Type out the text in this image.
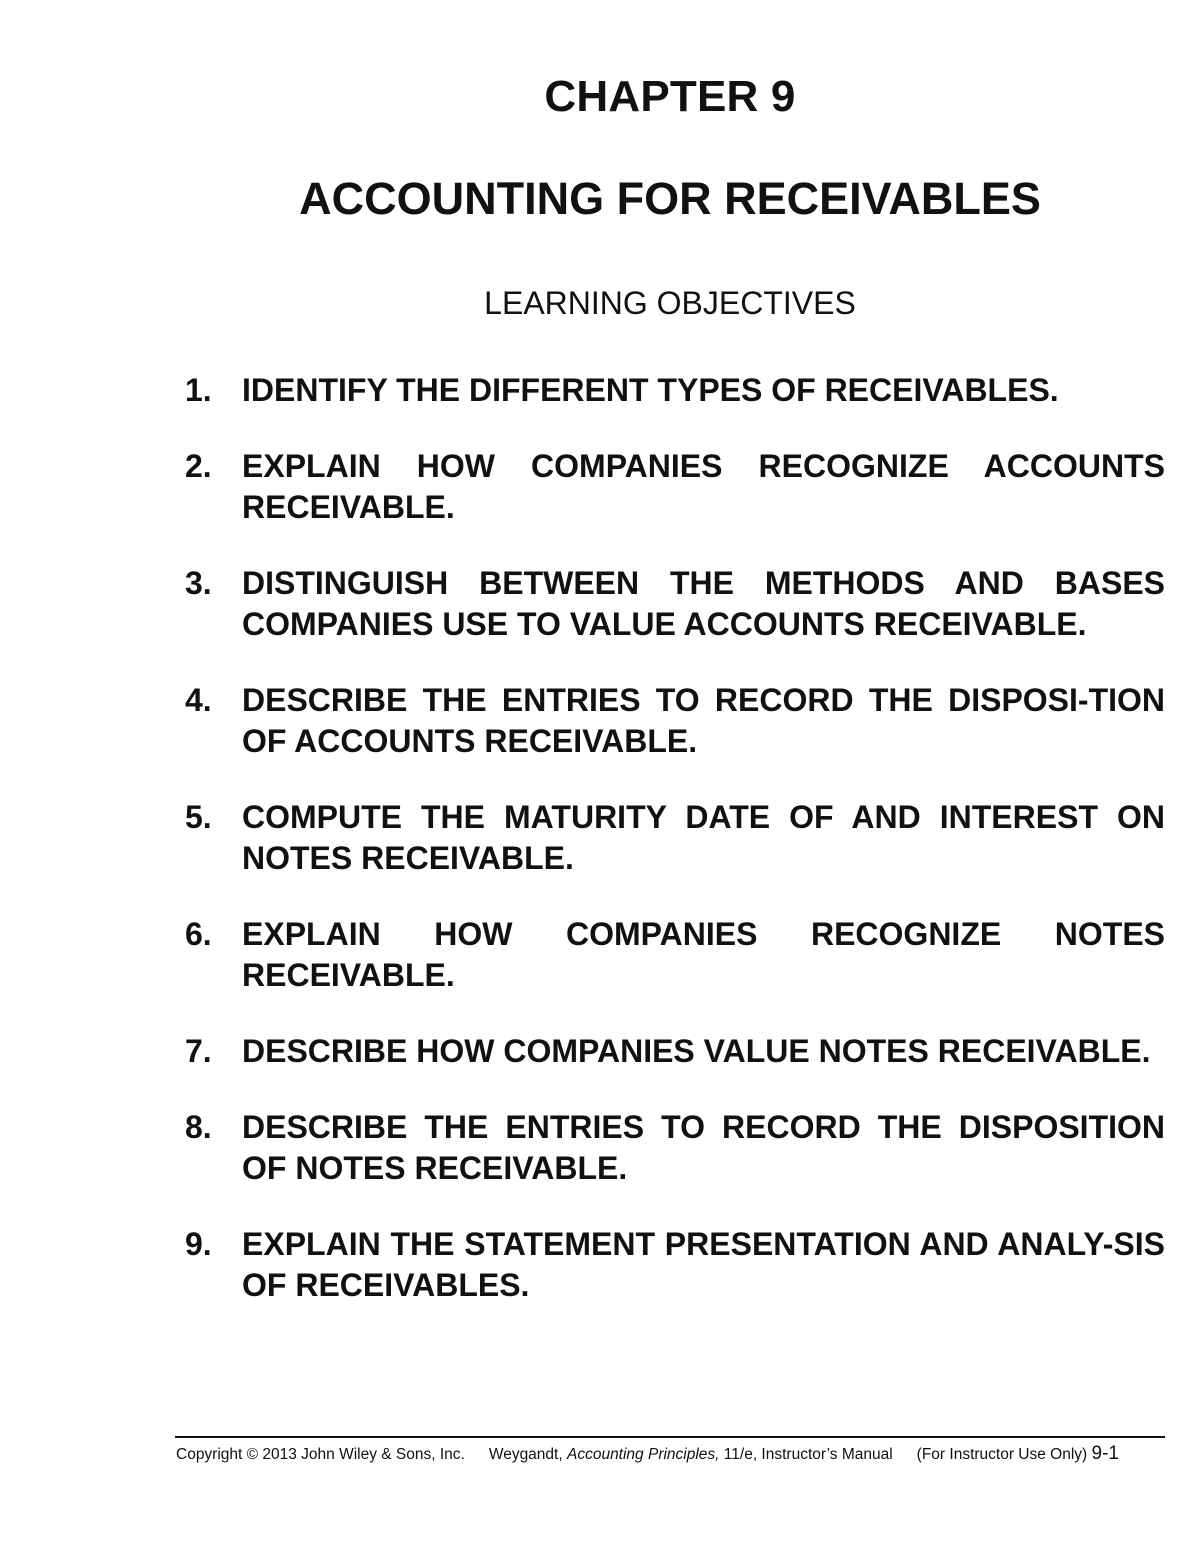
CHAPTER 9
ACCOUNTING FOR RECEIVABLES
LEARNING OBJECTIVES
1. IDENTIFY THE DIFFERENT TYPES OF RECEIVABLES.
2. EXPLAIN HOW COMPANIES RECOGNIZE ACCOUNTS RECEIVABLE.
3. DISTINGUISH BETWEEN THE METHODS AND BASES COMPANIES USE TO VALUE ACCOUNTS RECEIVABLE.
4. DESCRIBE THE ENTRIES TO RECORD THE DISPOSI-TION OF ACCOUNTS RECEIVABLE.
5. COMPUTE THE MATURITY DATE OF AND INTEREST ON NOTES RECEIVABLE.
6. EXPLAIN HOW COMPANIES RECOGNIZE NOTES RECEIVABLE.
7. DESCRIBE HOW COMPANIES VALUE NOTES RECEIVABLE.
8. DESCRIBE THE ENTRIES TO RECORD THE DISPOSITION OF NOTES RECEIVABLE.
9. EXPLAIN THE STATEMENT PRESENTATION AND ANALY-SIS OF RECEIVABLES.
Copyright © 2013 John Wiley & Sons, Inc. Weygandt, Accounting Principles, 11/e, Instructor’s Manual (For Instructor Use Only) 9-1
